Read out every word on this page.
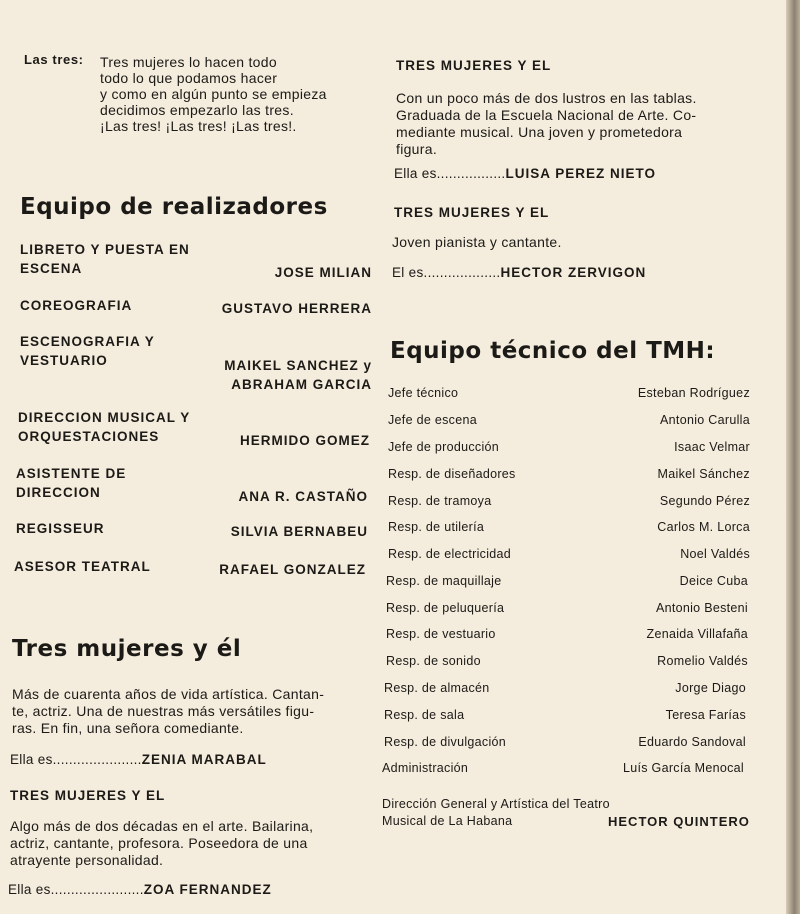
Las tres: Tres mujeres lo hacen todo
todo lo que podamos hacer
y como en algún punto se empieza
decidimos empezarlo las tres.
¡Las tres! ¡Las tres! ¡Las tres!.
Equipo de realizadores
LIBRETO Y PUESTA EN
ESCENA	JOSE MILIAN
COREOGRAFIA	GUSTAVO HERRERA
ESCENOGRAFIA Y
VESTUARIO	MAIKEL SANCHEZ y
ABRAHAM GARCIA
DIRECCION MUSICAL Y
ORQUESTACIONES	HERMIDO GOMEZ
ASISTENTE DE
DIRECCION	ANA R. CASTAÑO
REGISSEUR	SILVIA BERNABEU
ASESOR TEATRAL	RAFAEL GONZALEZ
Tres mujeres y él
Más de cuarenta años de vida artística. Cantan-
te, actriz. Una de nuestras más versátiles figu-
ras. En fin, una señora comediante.
Ella es......................ZENIA MARABAL
TRES MUJERES Y EL
Algo más de dos décadas en el arte. Bailarina,
actriz, cantante, profesora. Poseedora de una
atrayente personalidad.
Ella es.......................ZOA FERNANDEZ
TRES MUJERES Y EL
Con un poco más de dos lustros en las tablas.
Graduada de la Escuela Nacional de Arte. Co-
mediante musical. Una joven y prometedora
figura.
Ella es.................LUISA PEREZ NIETO
TRES MUJERES Y EL
Joven pianista y cantante.
El es...................HECTOR ZERVIGON
Equipo técnico del TMH:
Jefe técnico	Esteban Rodríguez
Jefe de escena	Antonio Carulla
Jefe de producción	Isaac Velmar
Resp. de diseñadores	Maikel Sánchez
Resp. de tramoya	Segundo Pérez
Resp. de utilería	Carlos M. Lorca
Resp. de electricidad	Noel Valdés
Resp. de maquillaje	Deice Cuba
Resp. de peluquería	Antonio Besteni
Resp. de vestuario	Zenaida Villafaña
Resp. de sonido	Romelio Valdés
Resp. de almacén	Jorge Diago
Resp. de sala	Teresa Farías
Resp. de divulgación	Eduardo Sandoval
Administración	Luís García Menocal
Dirección General y Artística del Teatro
Musical de La Habana	HECTOR QUINTERO
